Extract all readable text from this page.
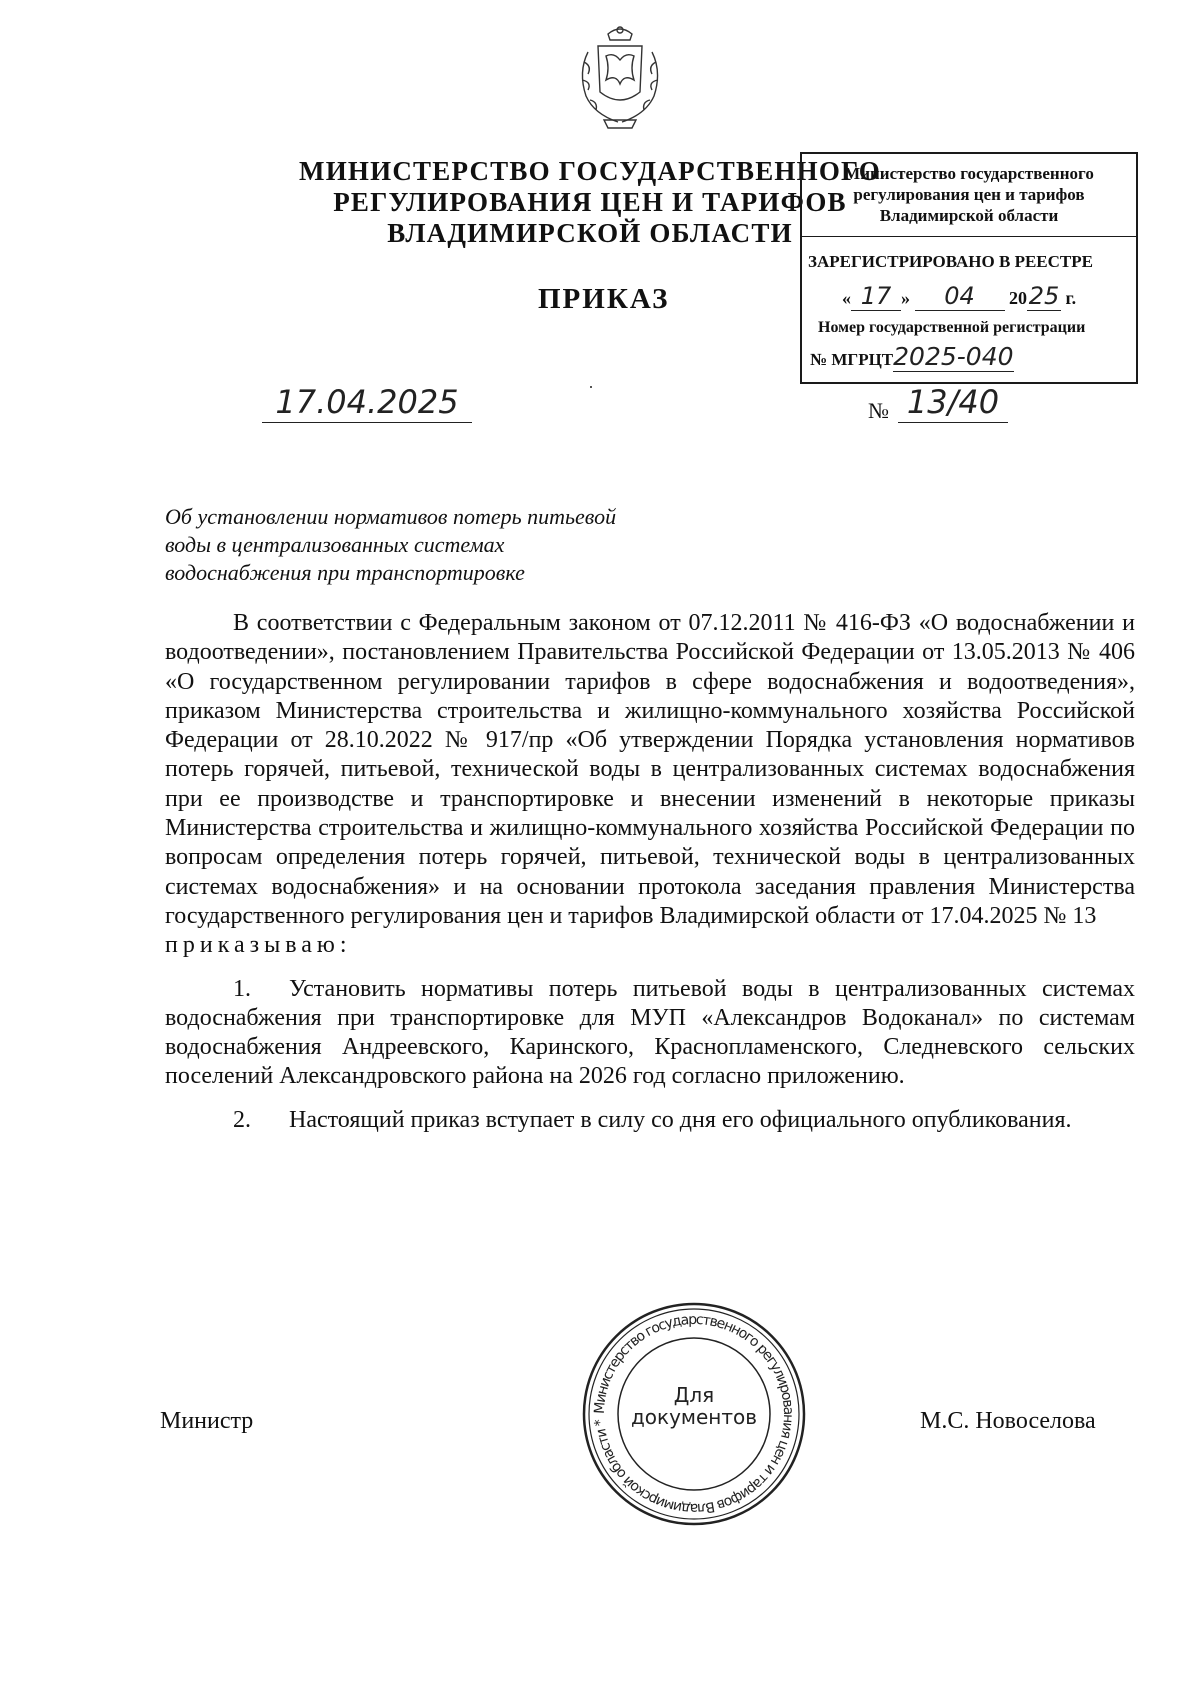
МИНИСТЕРСТВО ГОСУДАРСТВЕННОГО
РЕГУЛИРОВАНИЯ ЦЕН И ТАРИФОВ
ВЛАДИМИРСКОЙ ОБЛАСТИ
ПРИКАЗ
Министерство государственного
регулирования цен и тарифов
Владимирской области
ЗАРЕГИСТРИРОВАНО В РЕЕСТРЕ
« 17 » 04 2025 г.
Номер государственной регистрации
№ МГРЦТ2025-040
17.04.2025	№ 13/40
Об установлении нормативов потерь питьевой
воды в централизованных системах
водоснабжения при транспортировке

В соответствии с Федеральным законом от 07.12.2011 № 416-ФЗ «О водоснабжении и водоотведении», постановлением Правительства Российской Федерации от 13.05.2013 № 406 «О государственном регулировании тарифов в сфере водоснабжения и водоотведения», приказом Министерства строительства и жилищно-коммунального хозяйства Российской Федерации от 28.10.2022 № 917/пр «Об утверждении Порядка установления нормативов потерь горячей, питьевой, технической воды в централизованных системах водоснабжения при ее производстве и транспортировке и внесении изменений в некоторые приказы Министерства строительства и жилищно-коммунального хозяйства Российской Федерации по вопросам определения потерь горячей, питьевой, технической воды в централизованных системах водоснабжения» и на основании протокола заседания правления Министерства государственного регулирования цен и тарифов Владимирской области от 17.04.2025 № 13
приказываю:

1. Установить нормативы потерь питьевой воды в централизованных системах водоснабжения при транспортировке для МУП «Александров Водоканал» по системам водоснабжения Андреевского, Каринского, Краснопламенского, Следневского сельских поселений Александровского района на 2026 год согласно приложению.

2. Настоящий приказ вступает в силу со дня его официального опубликования.

Министерство государственного регулирования цен и тарифов Владимирской области *
Для
документов
Министр	М.С. Новоселова
